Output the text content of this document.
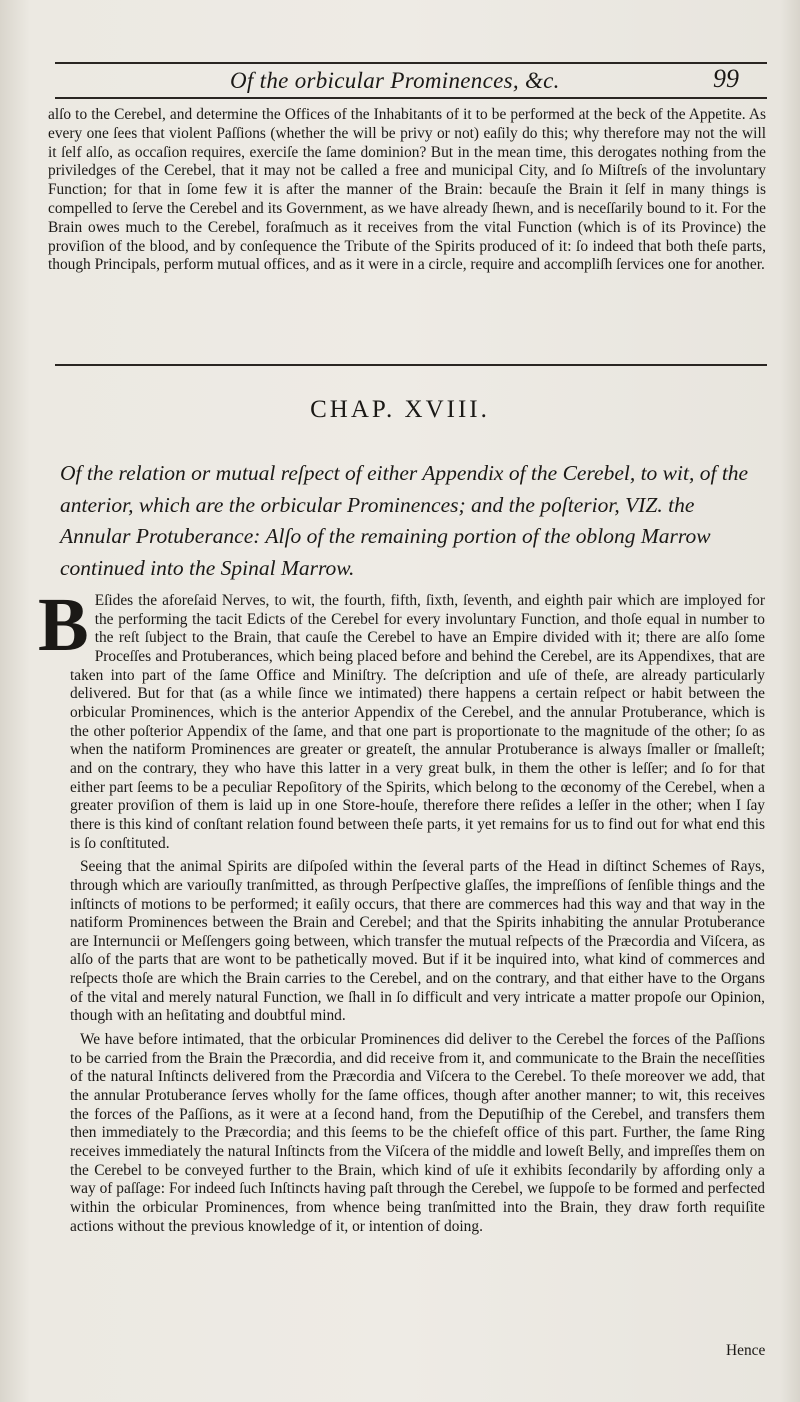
Of the orbicular Prominences, &c.	99
alſo to the Cerebel, and determine the Offices of the Inhabitants of it to be performed at the beck of the Appetite. As every one ſees that violent Paſſions (whether the will be privy or not) eaſily do this; why therefore may not the will it ſelf alſo, as occaſion requires, exerciſe the ſame dominion? But in the mean time, this derogates nothing from the priviledges of the Cerebel, that it may not be called a free and municipal City, and ſo Miſtreſs of the involuntary Function; for that in ſome few it is after the manner of the Brain: becauſe the Brain it ſelf in many things is compelled to ſerve the Cerebel and its Government, as we have already ſhewn, and is neceſſarily bound to it. For the Brain owes much to the Cerebel, foraſmuch as it receives from the vital Function (which is of its Province) the proviſion of the blood, and by conſequence the Tribute of the Spirits produced of it: ſo indeed that both theſe parts, though Principals, perform mutual offices, and as it were in a circle, require and accompliſh ſervices one for another.
CHAP. XVIII.
Of the relation or mutual reſpect of either Appendix of the Cerebel, to wit, of the anterior, which are the orbicular Prominences; and the poſterior, VIZ. the Annular Protuberance: Alſo of the remaining portion of the oblong Marrow continued into the Spinal Marrow.

B Eſides the aforeſaid Nerves, to wit, the fourth, fifth, ſixth, ſeventh, and eighth pair which are imployed for the performing the tacit Edicts of the Cerebel for every involuntary Function, and thoſe equal in number to the reſt ſubject to the Brain, that cauſe the Cerebel to have an Empire divided with it; there are alſo ſome Proceſſes and Protuberances, which being placed before and behind the Cerebel, are its Appendixes, that are taken into part of the ſame Office and Miniſtry. The deſcription and uſe of theſe, are already particularly delivered. But for that (as a while ſince we intimated) there happens a certain reſpect or habit between the orbicular Prominences, which is the anterior Appendix of the Cerebel, and the annular Protuberance, which is the other poſterior Appendix of the ſame, and that one part is proportionate to the magnitude of the other; ſo as when the natiform Prominences are greater or greateſt, the annular Protuberance is always ſmaller or ſmalleſt; and on the contrary, they who have this latter in a very great bulk, in them the other is leſſer; and ſo for that either part ſeems to be a peculiar Repoſitory of the Spirits, which belong to the œconomy of the Cerebel, when a greater proviſion of them is laid up in one Store-houſe, therefore there reſides a leſſer in the other; when I ſay there is this kind of conſtant relation found between theſe parts, it yet remains for us to find out for what end this is ſo conſtituted.

Seeing that the animal Spirits are diſpoſed within the ſeveral parts of the Head in diſtinct Schemes of Rays, through which are variouſly tranſmitted, as through Perſpective glaſſes, the impreſſions of ſenſible things and the inſtincts of motions to be performed; it eaſily occurs, that there are commerces had this way and that way in the natiform Prominences between the Brain and Cerebel; and that the Spirits inhabiting the annular Protuberance are Internuncii or Meſſengers going between, which transfer the mutual reſpects of the Præcordia and Viſcera, as alſo of the parts that are wont to be pathetically moved. But if it be inquired into, what kind of commerces and reſpects thoſe are which the Brain carries to the Cerebel, and on the contrary, and that either have to the Organs of the vital and merely natural Function, we ſhall in ſo difficult and very intricate a matter propoſe our Opinion, though with an heſitating and doubtful mind.

We have before intimated, that the orbicular Prominences did deliver to the Cerebel the forces of the Paſſions to be carried from the Brain the Præcordia, and did receive from it, and communicate to the Brain the neceſſities of the natural Inſtincts delivered from the Præcordia and Viſcera to the Cerebel. To theſe moreover we add, that the annular Protuberance ſerves wholly for the ſame offices, though after another manner; to wit, this receives the forces of the Paſſions, as it were at a ſecond hand, from the Deputiſhip of the Cerebel, and transfers them then immediately to the Præcordia; and this ſeems to be the chiefeſt office of this part. Further, the ſame Ring receives immediately the natural Inſtincts from the Viſcera of the middle and loweſt Belly, and impreſſes them on the Cerebel to be conveyed further to the Brain, which kind of uſe it exhibits ſecondarily by affording only a way of paſſage: For indeed ſuch Inſtincts having paſt through the Cerebel, we ſuppoſe to be formed and perfected within the orbicular Prominences, from whence being tranſmitted into the Brain, they draw forth requiſite actions without the previous knowledge of it, or intention of doing.

Hence
